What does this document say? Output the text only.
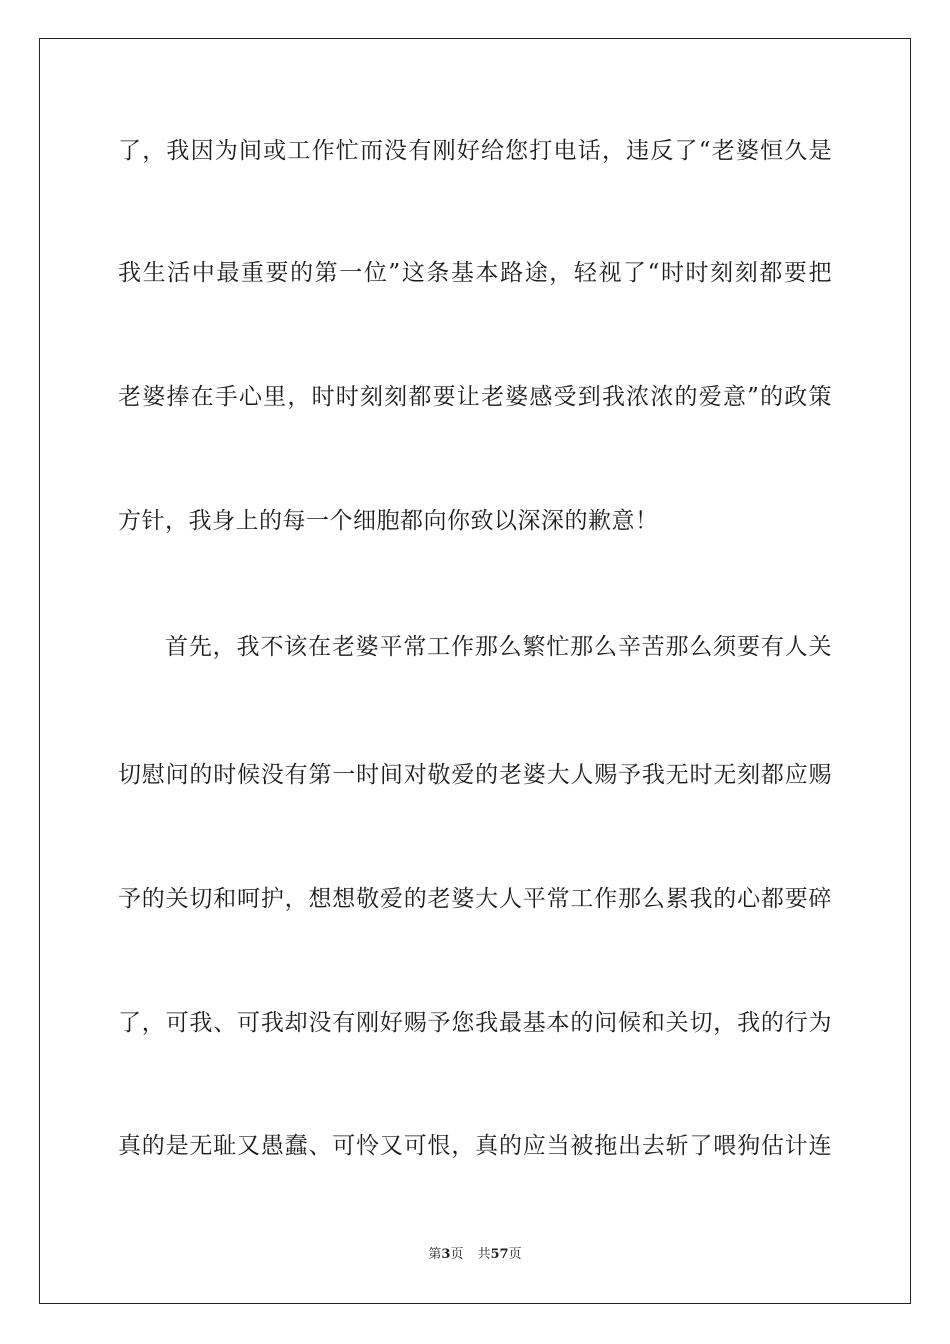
了，我因为间或工作忙而没有刚好给您打电话，违反了“老婆恒久是
我生活中最重要的第一位”这条基本路途，轻视了“时时刻刻都要把
老婆捧在手心里，时时刻刻都要让老婆感受到我浓浓的爱意”的政策
方针，我身上的每一个细胞都向你致以深深的歉意！
首先，我不该在老婆平常工作那么繁忙那么辛苦那么须要有人关
切慰问的时候没有第一时间对敬爱的老婆大人赐予我无时无刻都应赐
予的关切和呵护，想想敬爱的老婆大人平常工作那么累我的心都要碎
了，可我、可我却没有刚好赐予您我最基本的问候和关切，我的行为
真的是无耻又愚蠢、可怜又可恨，真的应当被拖出去斩了喂狗估计连
第3页 共57页
